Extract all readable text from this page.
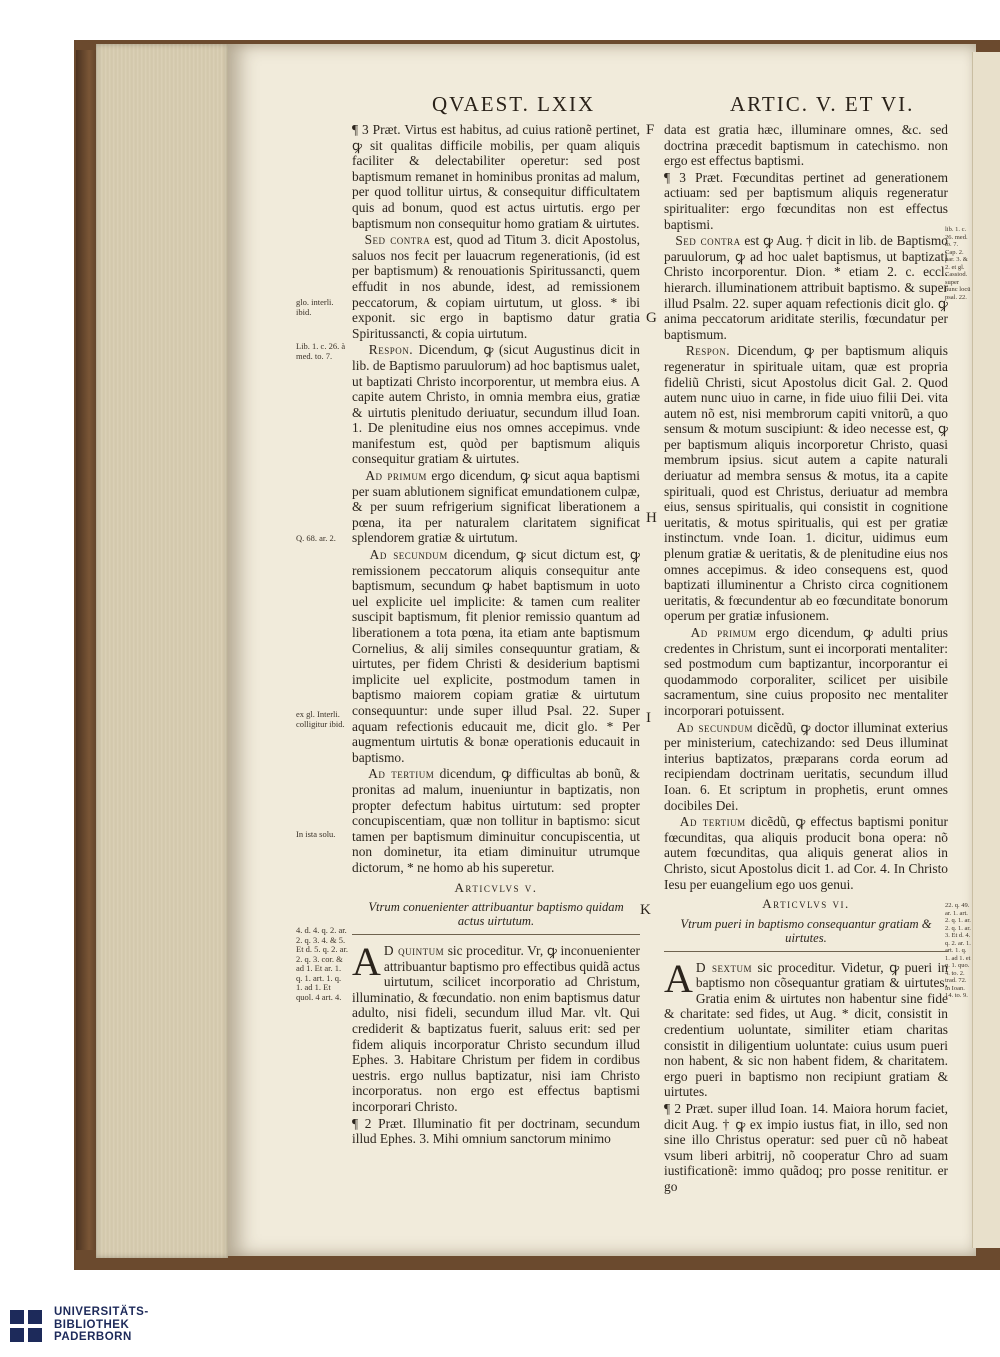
QVAEST. LXIX	ARTIC. V. ET VI.
F
G
H
I
K
glo. interli. ibid.
Lib. 1. c. 26. à med. to. 7.
Q. 68. ar. 2.
ex gl. Interli. colligitur ibid.
In ista solu.
4. d. 4. q. 2. ar. 2. q. 3. 4. & 5. Et d. 5. q. 2. ar. 2. q. 3. cor. & ad 1. Et ar. 1. q. 1. art. 1. q. 1. ad 1. Et quol. 4 art. 4.
lib. 1. c. 26. med. to. 7. Cap. 2. par. 3. & 2. et gl. Cassiod. super hunc locü psal. 22.
22. q. 49. ar. 1. art. 2. q. 1. ar. 2. q. 1. ar. 3. Et d. 4. q. 2. ar. 1. art. 1. q. 1. ad 1. et q. 1. quo. 4. to. 2. trad. 72. in Ioan. 14. to. 9.

¶ 3 Præt. Virtus est habitus, ad cuius rationẽ pertinet, ꝙ sit qualitas difficile mobilis, per quam aliquis faciliter & delectabiliter operetur: sed post baptismum remanet in hominibus pronitas ad malum, per quod tollitur uirtus, & consequitur difficultatem quis ad bonum, quod est actus uirtutis. ergo per baptismum non consequitur homo gratiam & uirtutes.

Sed contra est, quod ad Titum 3. dicit Apostolus, saluos nos fecit per lauacrum regenerationis, (id est per baptismum) & renouationis Spiritussancti, quem effudit in nos abunde, idest, ad remissionem peccatorum, & copiam uirtutum, ut gloss. * ibi exponit. sic ergo in baptismo datur gratia Spiritussancti, & copia uirtutum.

Respon. Dicendum, ꝙ (sicut Augustinus dicit in lib. de Baptismo paruulorum) ad hoc baptismus ualet, ut baptizati Christo incorporentur, ut membra eius. A capite autem Christo, in omnia membra eius, gratiæ & uirtutis plenitudo deriuatur, secundum illud Ioan. 1. De plenitudine eius nos omnes accepimus. vnde manifestum est, quòd per baptismum aliquis consequitur gratiam & uirtutes.

Ad primum ergo dicendum, ꝙ sicut aqua baptismi per suam ablutionem significat emundationem culpæ, & per suum refrigerium significat liberationem a pœna, ita per naturalem claritatem significat splendorem gratiæ & uirtutum.

Ad secundum dicendum, ꝙ sicut dictum est, ꝙ remissionem peccatorum aliquis consequitur ante baptismum, secundum ꝙ habet baptismum in uoto uel explicite uel implicite: & tamen cum realiter suscipit baptismum, fit plenior remissio quantum ad liberationem a tota pœna, ita etiam ante baptismum Cornelius, & alij similes consequuntur gratiam, & uirtutes, per fidem Christi & desiderium baptismi implicite uel explicite, postmodum tamen in baptismo maiorem copiam gratiæ & uirtutum consequuntur: unde super illud Psal. 22. Super aquam refectionis educauit me, dicit glo. * Per augmentum uirtutis & bonæ operationis educauit in baptismo.

Ad tertium dicendum, ꝙ difficultas ab bonũ, & pronitas ad malum, inueniuntur in baptizatis, non propter defectum habitus uirtutum: sed propter concupiscentiam, quæ non tollitur in baptismo: sicut tamen per baptismum diminuitur concupiscentia, ut non dominetur, ita etiam diminuitur utrumque dictorum, * ne homo ab his superetur.

Articvlvs v.
Vtrum conuenienter attribuantur baptismo quidam actus uirtutum.

A D quintum sic proceditur. Vr, ꝙ inconuenienter attribuantur baptismo pro effectibus quidã actus uirtutum, scilicet incorporatio ad Christum, illuminatio, & fœcundatio. non enim baptismus datur adulto, nisi fideli, secundum illud Mar. vlt. Qui crediderit & baptizatus fuerit, saluus erit: sed per fidem aliquis incorporatur Christo secundum illud Ephes. 3. Habitare Christum per fidem in cordibus uestris. ergo nullus baptizatur, nisi iam Christo incorporatus. non ergo est effectus baptismi incorporari Christo.

¶ 2 Præt. Illuminatio fit per doctrinam, secundum illud Ephes. 3. Mihi omnium sanctorum minimo

data est gratia hæc, illuminare omnes, &c. sed doctrina præcedit baptismum in catechismo. non ergo est effectus baptismi.

¶ 3 Præt. Fœcunditas pertinet ad generationem actiuam: sed per baptismum aliquis regeneratur spiritualiter: ergo fœcunditas non est effectus baptismi.

Sed contra est ꝙ Aug. † dicit in lib. de Baptismo paruulorum, ꝙ ad hoc ualet baptismus, ut baptizati Christo incorporentur. Dion. * etiam 2. c. eccl. hierarch. illuminationem attribuit baptismo. & super illud Psalm. 22. super aquam refectionis dicit glo. ꝙ anima peccatorum ariditate sterilis, fœcundatur per baptismum.

Respon. Dicendum, ꝙ per baptismum aliquis regeneratur in spirituale uitam, quæ est propria fideliũ Christi, sicut Apostolus dicit Gal. 2. Quod autem nunc uiuo in carne, in fide uiuo filii Dei. vita autem nõ est, nisi membrorum capiti vnitorũ, a quo sensum & motum suscipiunt: & ideo necesse est, ꝙ per baptismum aliquis incorporetur Christo, quasi membrum ipsius. sicut autem a capite naturali deriuatur ad membra sensus & motus, ita a capite spirituali, quod est Christus, deriuatur ad membra eius, sensus spiritualis, qui consistit in cognitione ueritatis, & motus spiritualis, qui est per gratiæ instinctum. vnde Ioan. 1. dicitur, uidimus eum plenum gratiæ & ueritatis, & de plenitudine eius nos omnes accepimus. & ideo consequens est, quod baptizati illuminentur a Christo circa cognitionem ueritatis, & fœcundentur ab eo fœcunditate bonorum operum per gratiæ infusionem.

Ad primum ergo dicendum, ꝙ adulti prius credentes in Christum, sunt ei incorporati mentaliter: sed postmodum cum baptizantur, incorporantur ei quodammodo corporaliter, scilicet per uisibile sacramentum, sine cuius proposito nec mentaliter incorporari potuissent.

Ad secundum dicẽdũ, ꝙ doctor illuminat exterius per ministerium, catechizando: sed Deus illuminat interius baptizatos, præparans corda eorum ad recipiendam doctrinam ueritatis, secundum illud Ioan. 6. Et scriptum in prophetis, erunt omnes docibiles Dei.

Ad tertium dicẽdũ, ꝙ effectus baptismi ponitur fœcunditas, qua aliquis producit bona opera: nõ autem fœcunditas, qua aliquis generat alios in Christo, sicut Apostolus dicit 1. ad Cor. 4. In Christo Iesu per euangelium ego uos genui.

Articvlvs vi.
Vtrum pueri in baptismo consequantur gratiam & uirtutes.

A D sextum sic proceditur. Videtur, ꝙ pueri in baptismo non cõsequantur gratiam & uirtutes. Gratia enim & uirtutes non habentur sine fide & charitate: sed fides, ut Aug. * dicit, consistit in credentium uoluntate, similiter etiam charitas consistit in diligentium uoluntate: cuius usum pueri non habent, & sic non habent fidem, & charitatem. ergo pueri in baptismo non recipiunt gratiam & uirtutes.

¶ 2 Præt. super illud Ioan. 14. Maiora horum faciet, dicit Aug. † ꝙ ex impio iustus fiat, in illo, sed non sine illo Christus operatur: sed puer cũ nõ habeat vsum liberi arbitrij, nõ cooperatur Chro ad suam iustificationẽ: immo quãdoq; pro posse renititur. er go

UNIVERSITÄTS-
BIBLIOTHEK
PADERBORN
